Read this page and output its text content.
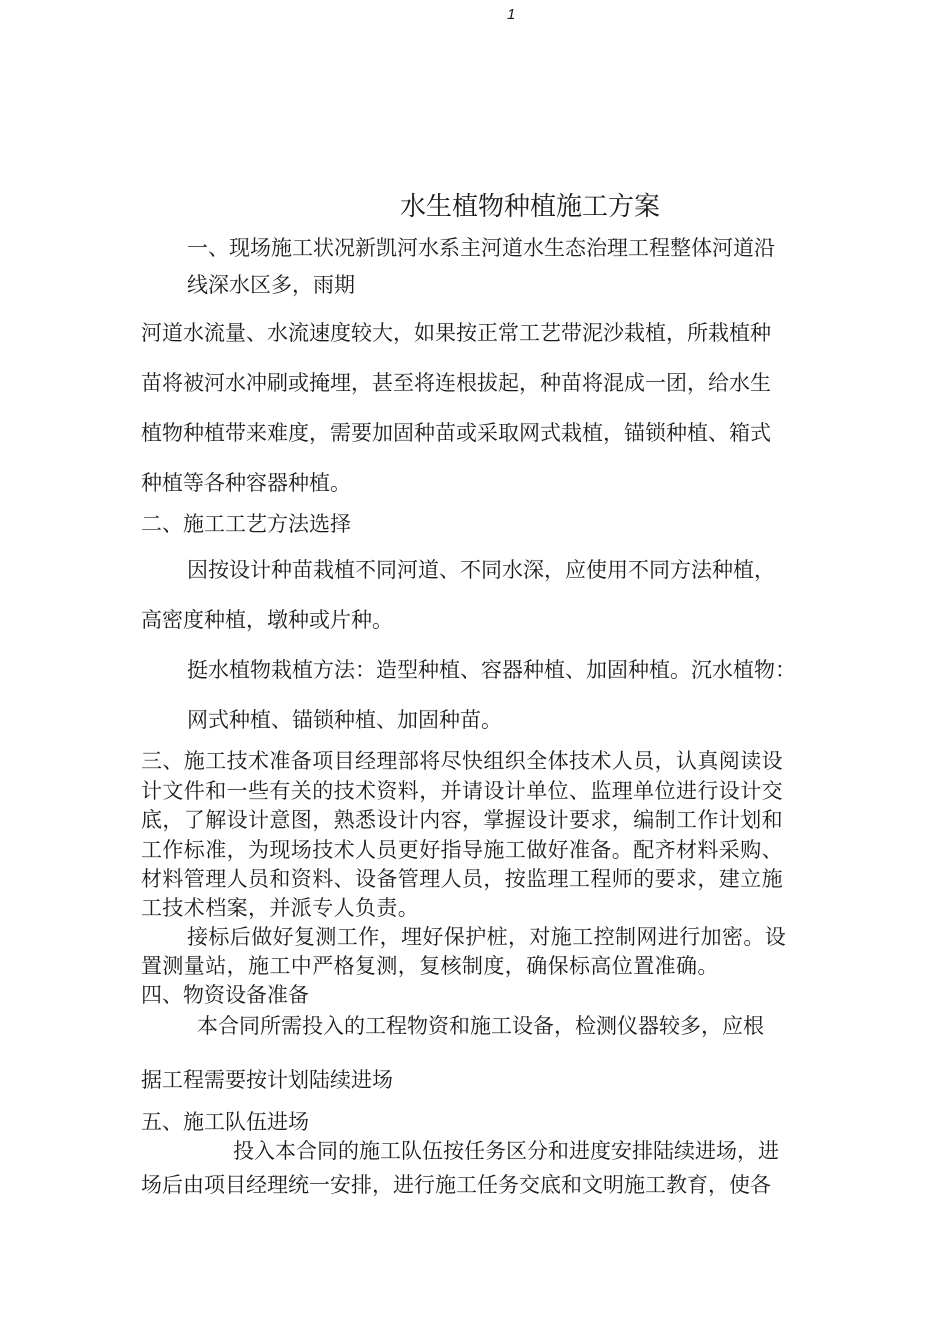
1
水生植物种植施工方案
一、现场施工状况新凯河水系主河道水生态治理工程整体河道沿
线深水区多，雨期
河道水流量、水流速度较大，如果按正常工艺带泥沙栽植，所栽植种
苗将被河水冲刷或掩埋，甚至将连根拔起，种苗将混成一团，给水生
植物种植带来难度，需要加固种苗或采取网式栽植，锚锁种植、箱式
种植等各种容器种植。
二、施工工艺方法选择
因按设计种苗栽植不同河道、不同水深，应使用不同方法种植，
高密度种植，墩种或片种。
挺水植物栽植方法：造型种植、容器种植、加固种植。沉水植物：
网式种植、锚锁种植、加固种苗。
三、施工技术准备项目经理部将尽快组织全体技术人员，认真阅读设
计文件和一些有关的技术资料，并请设计单位、监理单位进行设计交
底，了解设计意图，熟悉设计内容，掌握设计要求，编制工作计划和
工作标准，为现场技术人员更好指导施工做好准备。配齐材料采购、
材料管理人员和资料、设备管理人员，按监理工程师的要求，建立施
工技术档案，并派专人负责。
接标后做好复测工作，埋好保护桩，对施工控制网进行加密。设
置测量站，施工中严格复测，复核制度，确保标高位置准确。
四、物资设备准备
本合同所需投入的工程物资和施工设备，检测仪器较多，应根
据工程需要按计划陆续进场
五、施工队伍进场
投入本合同的施工队伍按任务区分和进度安排陆续进场，进
场后由项目经理统一安排，进行施工任务交底和文明施工教育，使各
